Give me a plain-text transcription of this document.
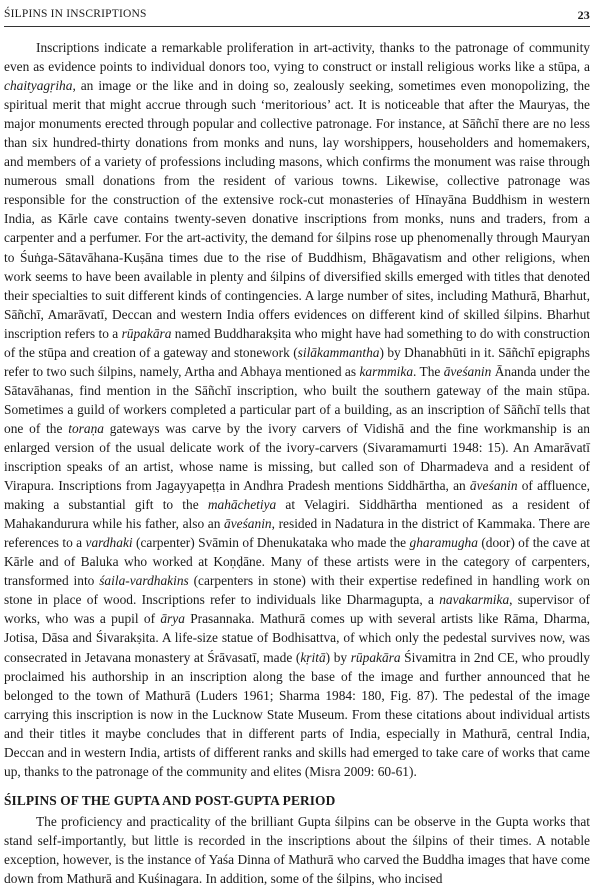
ŚILPINS IN INSCRIPTIONS	23

Inscriptions indicate a remarkable proliferation in art-activity, thanks to the patronage of community even as evidence points to individual donors too, vying to construct or install religious works like a stūpa, a chaityagṛiha, an image or the like and in doing so, zealously seeking, sometimes even monopolizing, the spiritual merit that might accrue through such ‘meritorious’ act. It is noticeable that after the Mauryas, the major monuments erected through popular and collective patronage. For instance, at Sāñchī there are no less than six hundred-thirty donations from monks and nuns, lay worshippers, householders and homemakers, and members of a variety of professions including masons, which confirms the monument was raise through numerous small donations from the resident of various towns. Likewise, collective patronage was responsible for the construction of the extensive rock-cut monasteries of Hīnayāna Buddhism in western India, as Kārle cave contains twenty-seven donative inscriptions from monks, nuns and traders, from a carpenter and a perfumer. For the art-activity, the demand for śilpins rose up phenomenally through Mauryan to Śuṅga-Sātavāhana-Kuṣāna times due to the rise of Buddhism, Bhāgavatism and other religions, when work seems to have been available in plenty and śilpins of diversified skills emerged with titles that denoted their specialties to suit different kinds of contingencies. A large number of sites, including Mathurā, Bharhut, Sāñchī, Amarāvatī, Deccan and western India offers evidences on different kind of skilled śilpins. Bharhut inscription refers to a rūpakāra named Buddharakṣita who might have had something to do with construction of the stūpa and creation of a gateway and stonework (silākammantha) by Dhanabhūti in it. Sāñchī epigraphs refer to two such śilpins, namely, Artha and Abhaya mentioned as karmmika. The āveśanin Ānanda under the Sātavāhanas, find mention in the Sāñchī inscription, who built the southern gateway of the main stūpa. Sometimes a guild of workers completed a particular part of a building, as an inscription of Sāñchī tells that one of the toraṇa gateways was carve by the ivory carvers of Vidishā and the fine workmanship is an enlarged version of the usual delicate work of the ivory-carvers (Sivaramamurti 1948: 15). An Amarāvatī inscription speaks of an artist, whose name is missing, but called son of Dharmadeva and a resident of Virapura. Inscriptions from Jagayyapeṭṭa in Andhra Pradesh mentions Siddhārtha, an āveśanin of affluence, making a substantial gift to the mahāchetiya at Velagiri. Siddhārtha mentioned as a resident of Mahakandurura while his father, also an āveśanin, resided in Nadatura in the district of Kammaka. There are references to a vardhaki (carpenter) Svāmin of Dhenukataka who made the gharamugha (door) of the cave at Kārle and of Baluka who worked at Koṇḍāne. Many of these artists were in the category of carpenters, transformed into śaila-vardhakins (carpenters in stone) with their expertise redefined in handling work on stone in place of wood. Inscriptions refer to individuals like Dharmagupta, a navakarmika, supervisor of works, who was a pupil of ārya Prasannaka. Mathurā comes up with several artists like Rāma, Dharma, Jotisa, Dāsa and Śivarakṣita. A life-size statue of Bodhisattva, of which only the pedestal survives now, was consecrated in Jetavana monastery at Śrāvasatī, made (kṛitā) by rūpakāra Śivamitra in 2nd CE, who proudly proclaimed his authorship in an inscription along the base of the image and further announced that he belonged to the town of Mathurā (Luders 1961; Sharma 1984: 180, Fig. 87). The pedestal of the image carrying this inscription is now in the Lucknow State Museum. From these citations about individual artists and their titles it maybe concludes that in different parts of India, especially in Mathurā, central India, Deccan and in western India, artists of different ranks and skills had emerged to take care of works that came up, thanks to the patronage of the community and elites (Misra 2009: 60-61).

ŚILPINS OF THE GUPTA AND POST-GUPTA PERIOD

The proficiency and practicality of the brilliant Gupta śilpins can be observe in the Gupta works that stand self-importantly, but little is recorded in the inscriptions about the śilpins of their times. A notable exception, however, is the instance of Yaśa Dinna of Mathurā who carved the Buddha images that have come down from Mathurā and Kuśinagara. In addition, some of the śilpins, who incised
